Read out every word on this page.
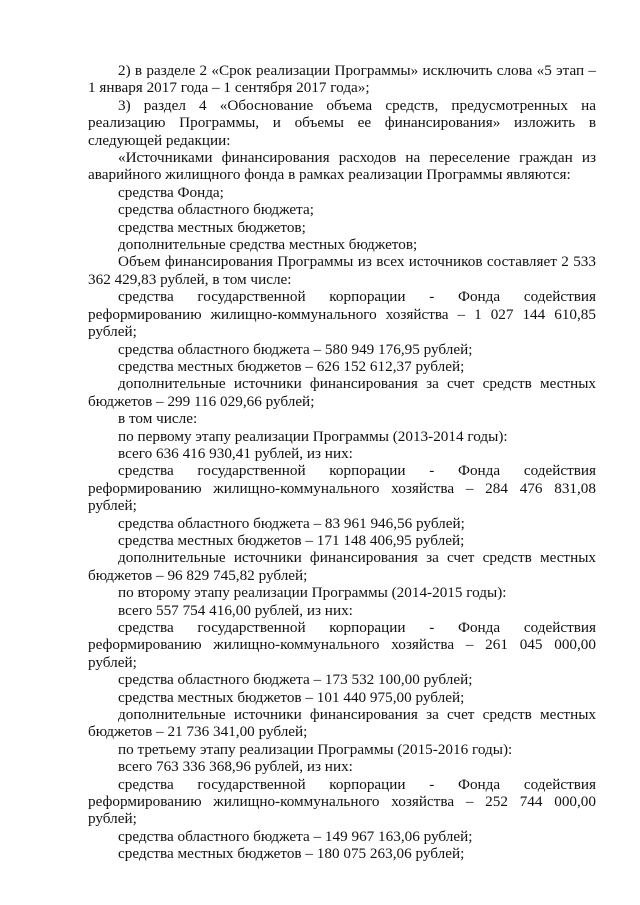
2) в разделе 2 «Срок реализации Программы» исключить слова «5 этап – 1 января 2017 года – 1 сентября 2017 года»;

3) раздел 4 «Обоснование объема средств, предусмотренных на реализацию Программы, и объемы ее финансирования» изложить в следующей редакции:

«Источниками финансирования расходов на переселение граждан из аварийного жилищного фонда в рамках реализации Программы являются:

средства Фонда;

средства областного бюджета;

средства местных бюджетов;

дополнительные средства местных бюджетов;

Объем финансирования Программы из всех источников составляет 2 533 362 429,83 рублей, в том числе:

средства государственной корпорации - Фонда содействия реформированию жилищно-коммунального хозяйства – 1 027 144 610,85 рублей;

средства областного бюджета – 580 949 176,95 рублей;

средства местных бюджетов – 626 152 612,37 рублей;

дополнительные источники финансирования за счет средств местных бюджетов – 299 116 029,66 рублей;

в том числе:

по первому этапу реализации Программы (2013-2014 годы):

всего 636 416 930,41 рублей, из них:

средства государственной корпорации - Фонда содействия реформированию жилищно-коммунального хозяйства – 284 476 831,08 рублей;

средства областного бюджета – 83 961 946,56 рублей;

средства местных бюджетов – 171 148 406,95 рублей;

дополнительные источники финансирования за счет средств местных бюджетов – 96 829 745,82 рублей;

по второму этапу реализации Программы (2014-2015 годы):

всего 557 754 416,00 рублей, из них:

средства государственной корпорации - Фонда содействия реформированию жилищно-коммунального хозяйства – 261 045 000,00 рублей;

средства областного бюджета – 173 532 100,00 рублей;

средства местных бюджетов – 101 440 975,00 рублей;

дополнительные источники финансирования за счет средств местных бюджетов – 21 736 341,00 рублей;

по третьему этапу реализации Программы (2015-2016 годы):

всего 763 336 368,96 рублей, из них:

средства государственной корпорации - Фонда содействия реформированию жилищно-коммунального хозяйства – 252 744 000,00 рублей;

средства областного бюджета – 149 967 163,06 рублей;

средства местных бюджетов – 180 075 263,06 рублей;
